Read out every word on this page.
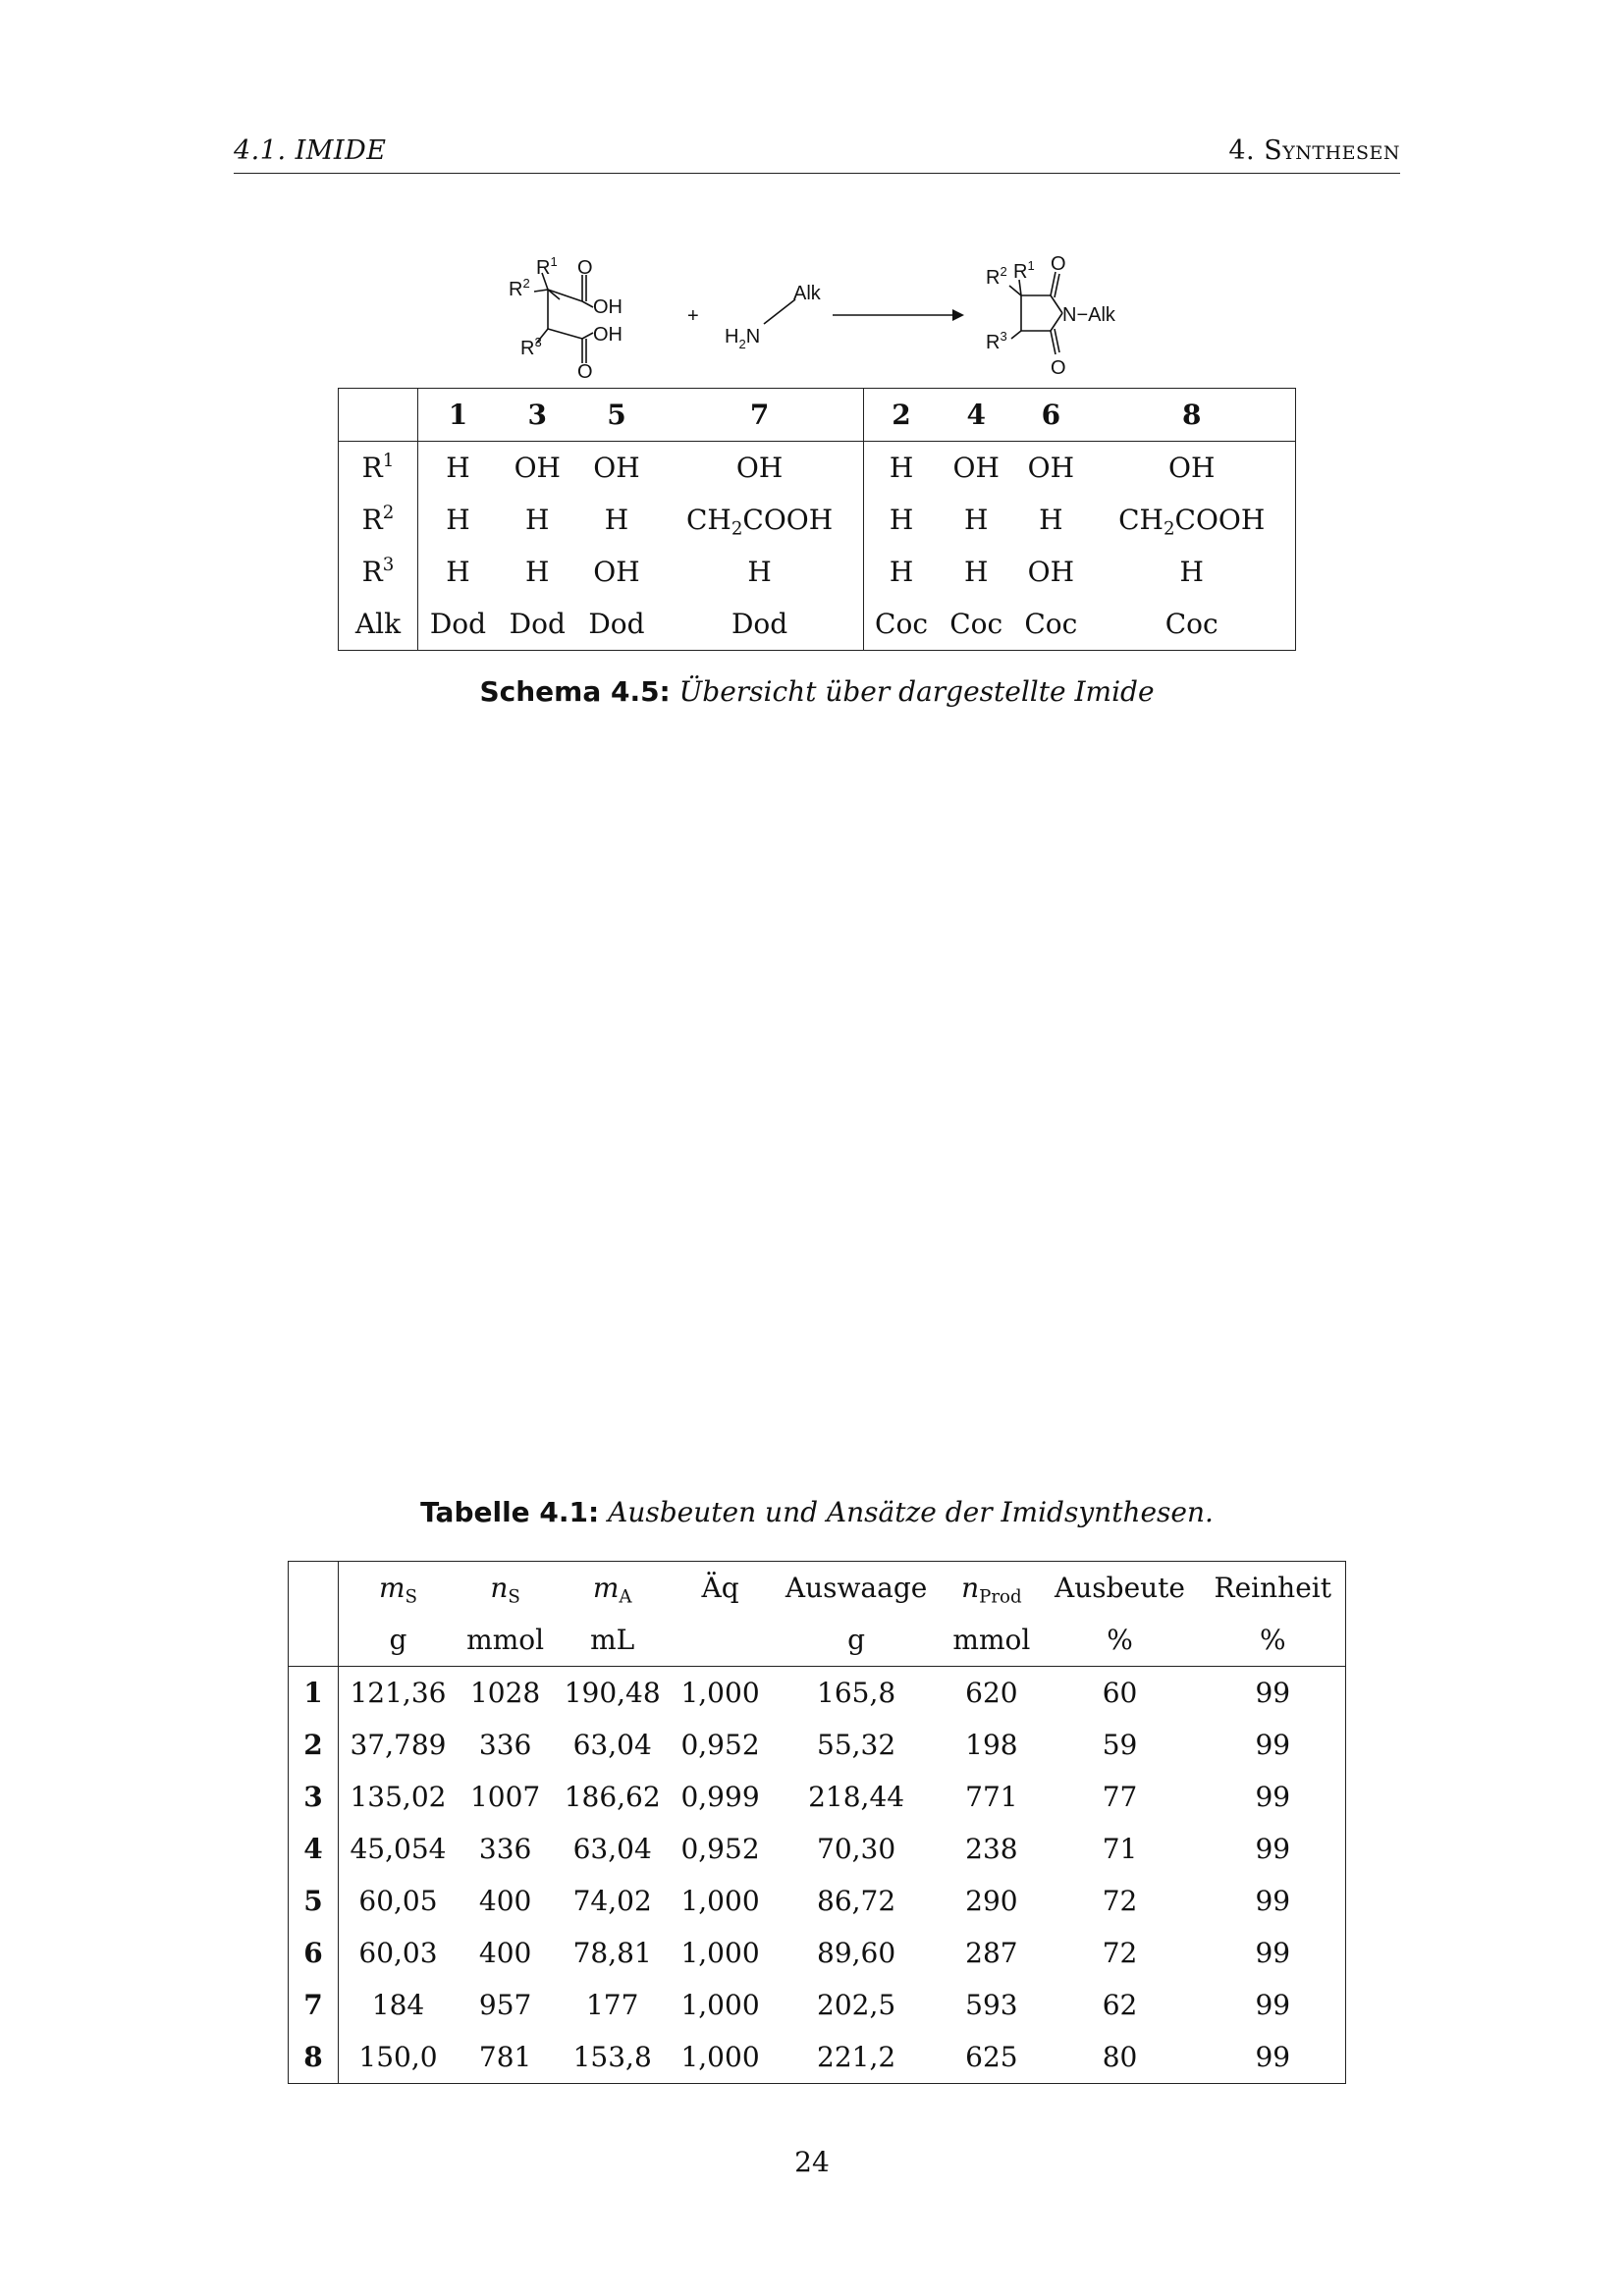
4.1. IMIDE	4. Synthesen
$R^1$
$R^2$
O
OH
$R^3$	OH
O
+
Alk
$H_2N$
$R^2$ $R^1$ O
N−Alk
$R^3$
O
	1	3	5	7	2	4	6	8
$R^1$	H	OH	OH	OH	H	OH	OH	OH
$R^2$	H	H	H	$CH_2COOH$	H	H	H	$CH_2COOH$
$R^3$	H	H	OH	H	H	H	OH	H
Alk	Dod	Dod	Dod	Dod	Coc	Coc	Coc	Coc
Schema 4.5: Übersicht über dargestellte Imide
Tabelle 4.1: Ausbeuten und Ansätze der Imidsynthesen.
	$m_S$	$n_S$	$m_A$	Äq	Auswaage	$n_{Prod}$	Ausbeute	Reinheit
	g	mmol	mL		g	mmol	%	%
1	121,36	1028	190,48	1,000	165,8	620	60	99
2	37,789	336	63,04	0,952	55,32	198	59	99
3	135,02	1007	186,62	0,999	218,44	771	77	99
4	45,054	336	63,04	0,952	70,30	238	71	99
5	60,05	400	74,02	1,000	86,72	290	72	99
6	60,03	400	78,81	1,000	89,60	287	72	99
7	184	957	177	1,000	202,5	593	62	99
8	150,0	781	153,8	1,000	221,2	625	80	99
24
